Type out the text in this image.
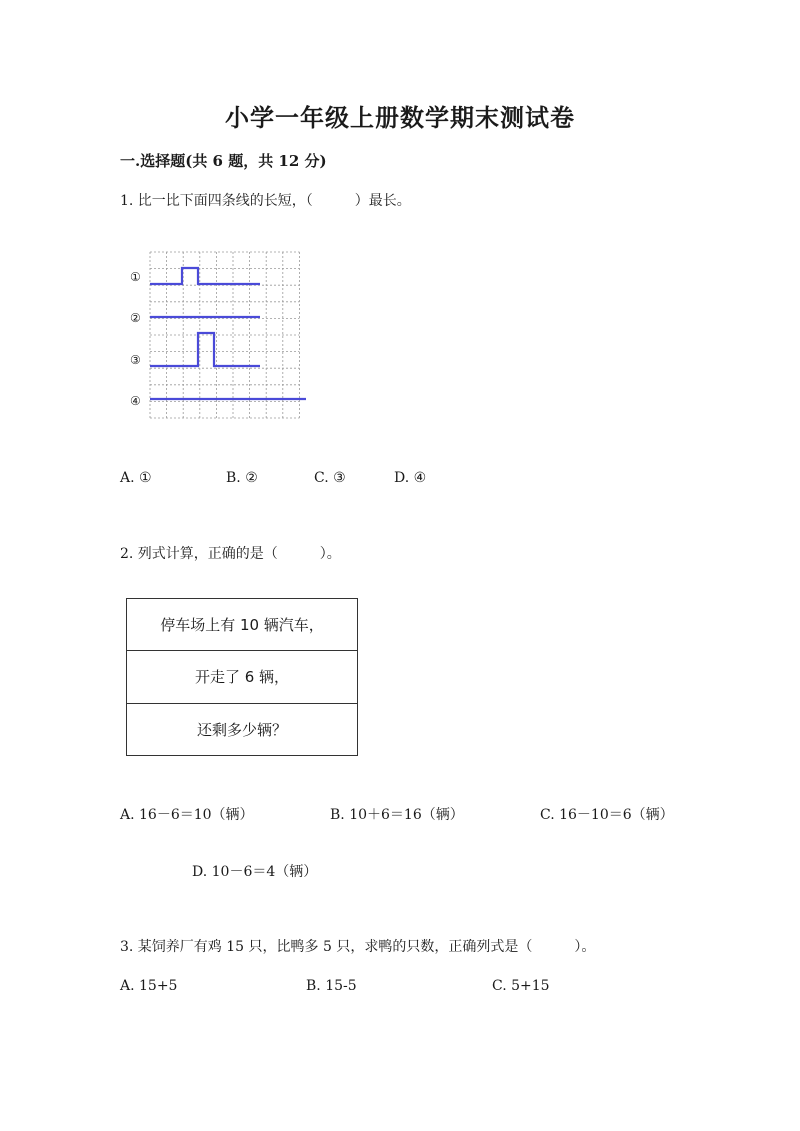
小学一年级上册数学期末测试卷
一.选择题(共 6 题，共 12 分)
1. 比一比下面四条线的长短，（　　　）最长。
①
②
③
④
A. ①	B. ②	C. ③	D. ④
2. 列式计算，正确的是（　　　）。
停车场上有 10 辆汽车，
开走了 6 辆，
还剩多少辆？
A. 16－6＝10（辆）	B. 10＋6＝16（辆）	C. 16－10＝6（辆）
D. 10－6＝4（辆）
3. 某饲养厂有鸡 15 只，比鸭多 5 只，求鸭的只数，正确列式是（　　　）。
A. 15+5	B. 15-5	C. 5+15
